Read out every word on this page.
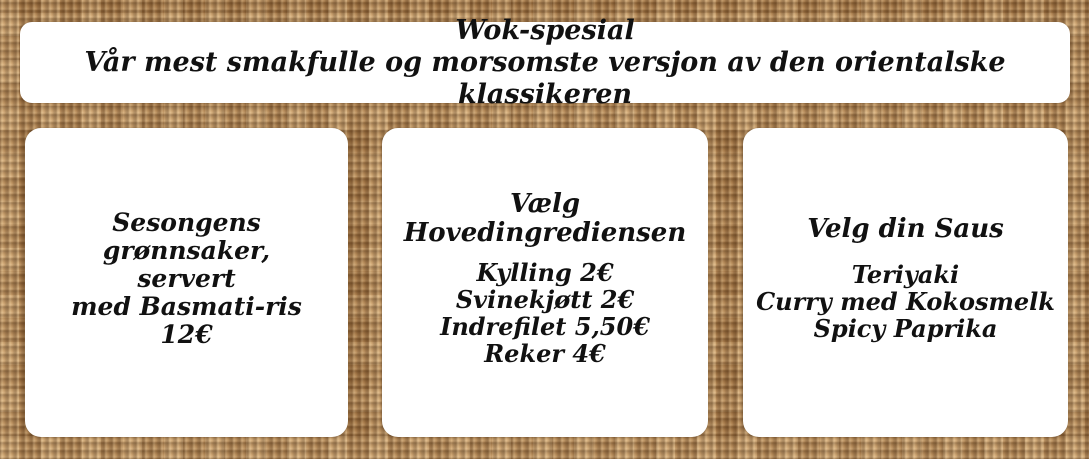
Wok-spesial
Vår mest smakfulle og morsomste versjon av den orientalske klassikeren
Sesongens grønnsaker,
servert
med Basmati-ris
12€
Vælg
Hovedingrediensen
Kylling 2€
Svinekjøtt 2€
Indrefilet 5,50€
Reker 4€
Velg din Saus
Teriyaki
Curry med Kokosmelk
Spicy Paprika
